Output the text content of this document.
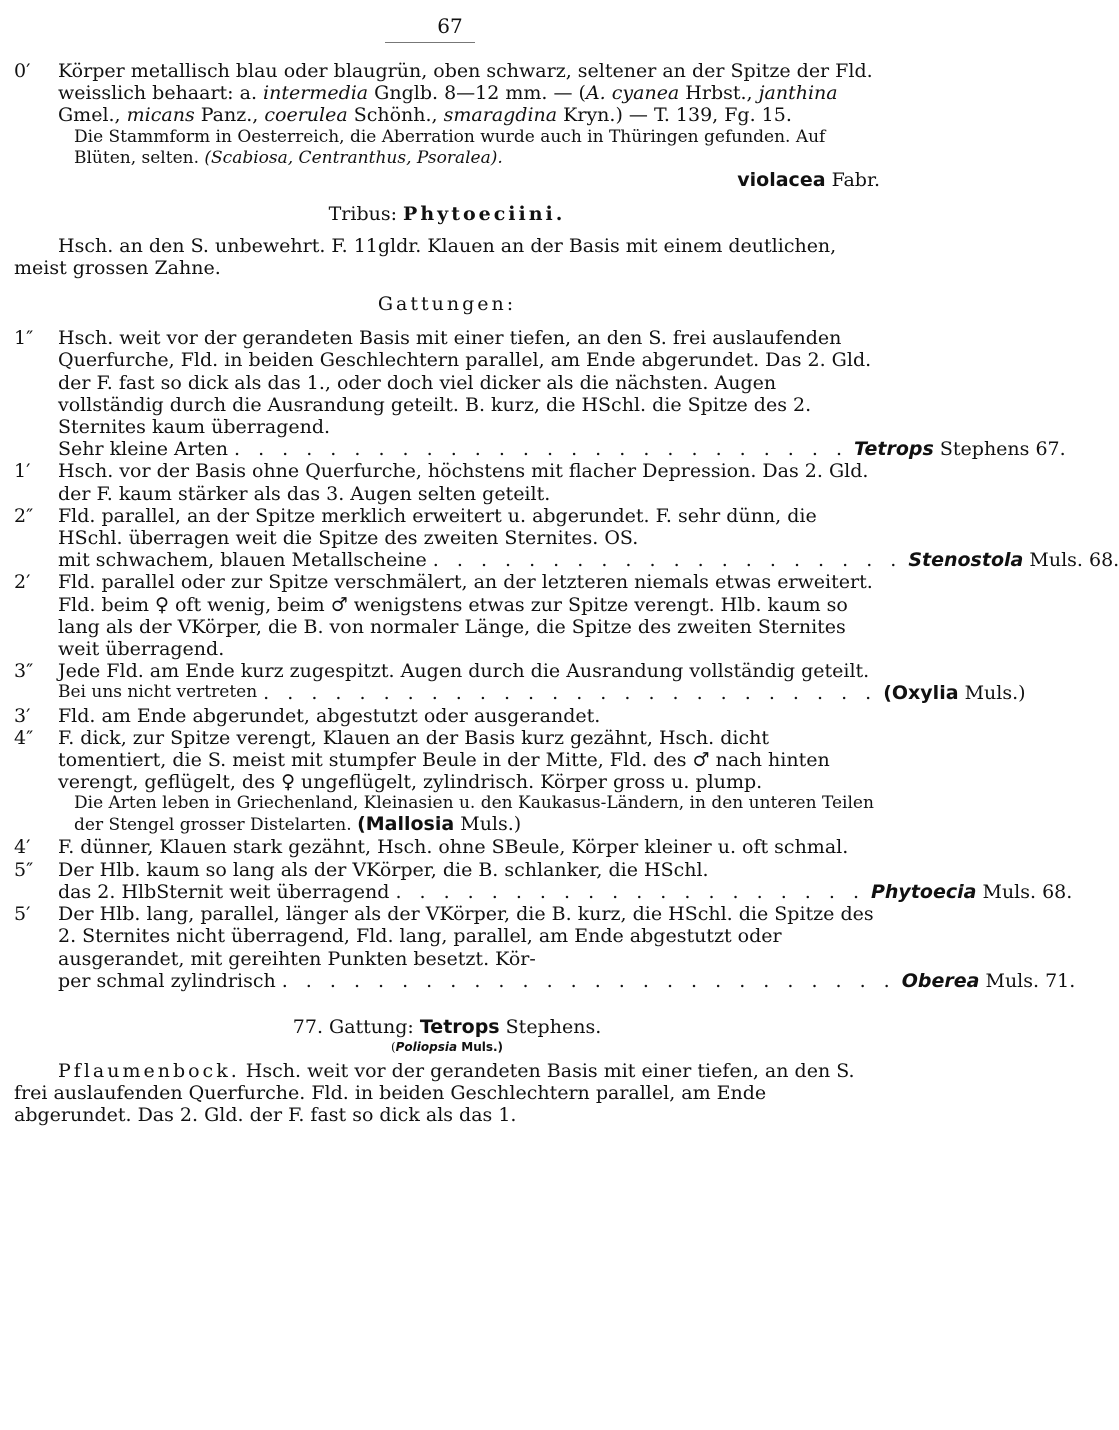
67
0′	Körper metallisch blau oder blaugrün, oben schwarz, seltener an der Spitze der Fld. weisslich behaart: a. intermedia Gnglb. 8—12 mm. — (A. cyanea Hrbst., janthina Gmel., micans Panz., coerulea Schönh., smaragdina Kryn.) — T. 139, Fg. 15.
Die Stammform in Oesterreich, die Aberration wurde auch in Thüringen gefunden. Auf Blüten, selten. (Scabiosa, Centranthus, Psoralea).
violacea Fabr.
Tribus: Phytoeciini.
Hsch. an den S. unbewehrt. F. 11gldr. Klauen an der Basis mit einem deutlichen, meist grossen Zahne.
Gattungen:
1″	Hsch. weit vor der gerandeten Basis mit einer tiefen, an den S. frei auslaufenden Querfurche, Fld. in beiden Geschlechtern parallel, am Ende abgerundet. Das 2. Gld. der F. fast so dick als das 1., oder doch viel dicker als die nächsten. Augen vollständig durch die Ausrandung geteilt. B. kurz, die HSchl. die Spitze des 2. Sternites kaum überragend.
Sehr kleine Arten . . . . . . . . . . . . . . . . . . . . . . . . . . Tetrops Stephens 67.
1′	Hsch. vor der Basis ohne Querfurche, höchstens mit flacher Depression. Das 2. Gld. der F. kaum stärker als das 3. Augen selten geteilt.
2″	Fld. parallel, an der Spitze merklich erweitert u. abgerundet. F. sehr dünn, die HSchl. überragen weit die Spitze des zweiten Sternites. OS.
mit schwachem, blauen Metallscheine . . . . . . . . . . . . . . . . . . . . Stenostola Muls. 68.
2′	Fld. parallel oder zur Spitze verschmälert, an der letzteren niemals etwas erweitert. Fld. beim ♀ oft wenig, beim ♂ wenigstens etwas zur Spitze verengt. Hlb. kaum so lang als der VKörper, die B. von normaler Länge, die Spitze des zweiten Sternites weit überragend.
3″	Jede Fld. am Ende kurz zugespitzt. Augen durch die Ausrandung vollständig geteilt.
Bei uns nicht vertreten . . . . . . . . . . . . . . . . . . . . . . . . . . (Oxylia Muls.)
3′	Fld. am Ende abgerundet, abgestutzt oder ausgerandet.
4″	F. dick, zur Spitze verengt, Klauen an der Basis kurz gezähnt, Hsch. dicht tomentiert, die S. meist mit stumpfer Beule in der Mitte, Fld. des ♂ nach hinten verengt, geflügelt, des ♀ ungeflügelt, zylindrisch. Körper gross u. plump.
Die Arten leben in Griechenland, Kleinasien u. den Kaukasus-Ländern, in den unteren Teilen der Stengel grosser Distelarten. (Mallosia Muls.)
4′	F. dünner, Klauen stark gezähnt, Hsch. ohne SBeule, Körper kleiner u. oft schmal.
5″	Der Hlb. kaum so lang als der VKörper, die B. schlanker, die HSchl.
das 2. HlbSternit weit überragend . . . . . . . . . . . . . . . . . . . . Phytoecia Muls. 68.
5′	Der Hlb. lang, parallel, länger als der VKörper, die B. kurz, die HSchl. die Spitze des 2. Sternites nicht überragend, Fld. lang, parallel, am Ende abgestutzt oder ausgerandet, mit gereihten Punkten besetzt. Kör-
per schmal zylindrisch . . . . . . . . . . . . . . . . . . . . . . . . . . Oberea Muls. 71.
77. Gattung: Tetrops Stephens.
(Poliopsia Muls.)
Pflaumenbock. Hsch. weit vor der gerandeten Basis mit einer tiefen, an den S. frei auslaufenden Querfurche. Fld. in beiden Geschlechtern parallel, am Ende abgerundet. Das 2. Gld. der F. fast so dick als das 1.
